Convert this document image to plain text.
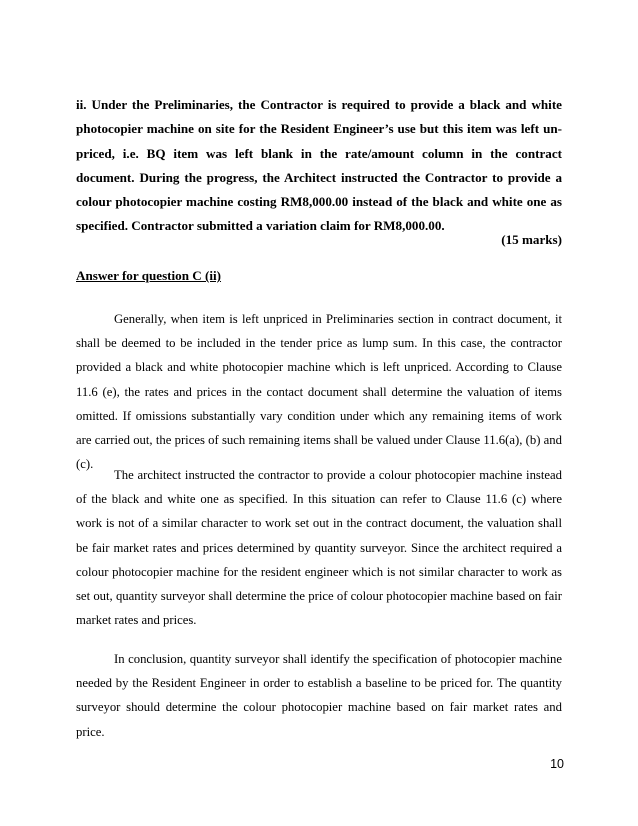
ii. Under the Preliminaries, the Contractor is required to provide a black and white photocopier machine on site for the Resident Engineer’s use but this item was left un-priced, i.e. BQ item was left blank in the rate/amount column in the contract document. During the progress, the Architect instructed the Contractor to provide a colour photocopier machine costing RM8,000.00 instead of the black and white one as specified. Contractor submitted a variation claim for RM8,000.00.

(15 marks)

Answer for question C (ii)

Generally, when item is left unpriced in Preliminaries section in contract document, it shall be deemed to be included in the tender price as lump sum. In this case, the contractor provided a black and white photocopier machine which is left unpriced. According to Clause 11.6 (e), the rates and prices in the contact document shall determine the valuation of items omitted. If omissions substantially vary condition under which any remaining items of work are carried out, the prices of such remaining items shall be valued under Clause 11.6(a), (b) and (c).

The architect instructed the contractor to provide a colour photocopier machine instead of the black and white one as specified. In this situation can refer to Clause 11.6 (c) where work is not of a similar character to work set out in the contract document, the valuation shall be fair market rates and prices determined by quantity surveyor. Since the architect required a colour photocopier machine for the resident engineer which is not similar character to work as set out, quantity surveyor shall determine the price of colour photocopier machine based on fair market rates and prices.

In conclusion, quantity surveyor shall identify the specification of photocopier machine needed by the Resident Engineer in order to establish a baseline to be priced for. The quantity surveyor should determine the colour photocopier machine based on fair market rates and price.

10
